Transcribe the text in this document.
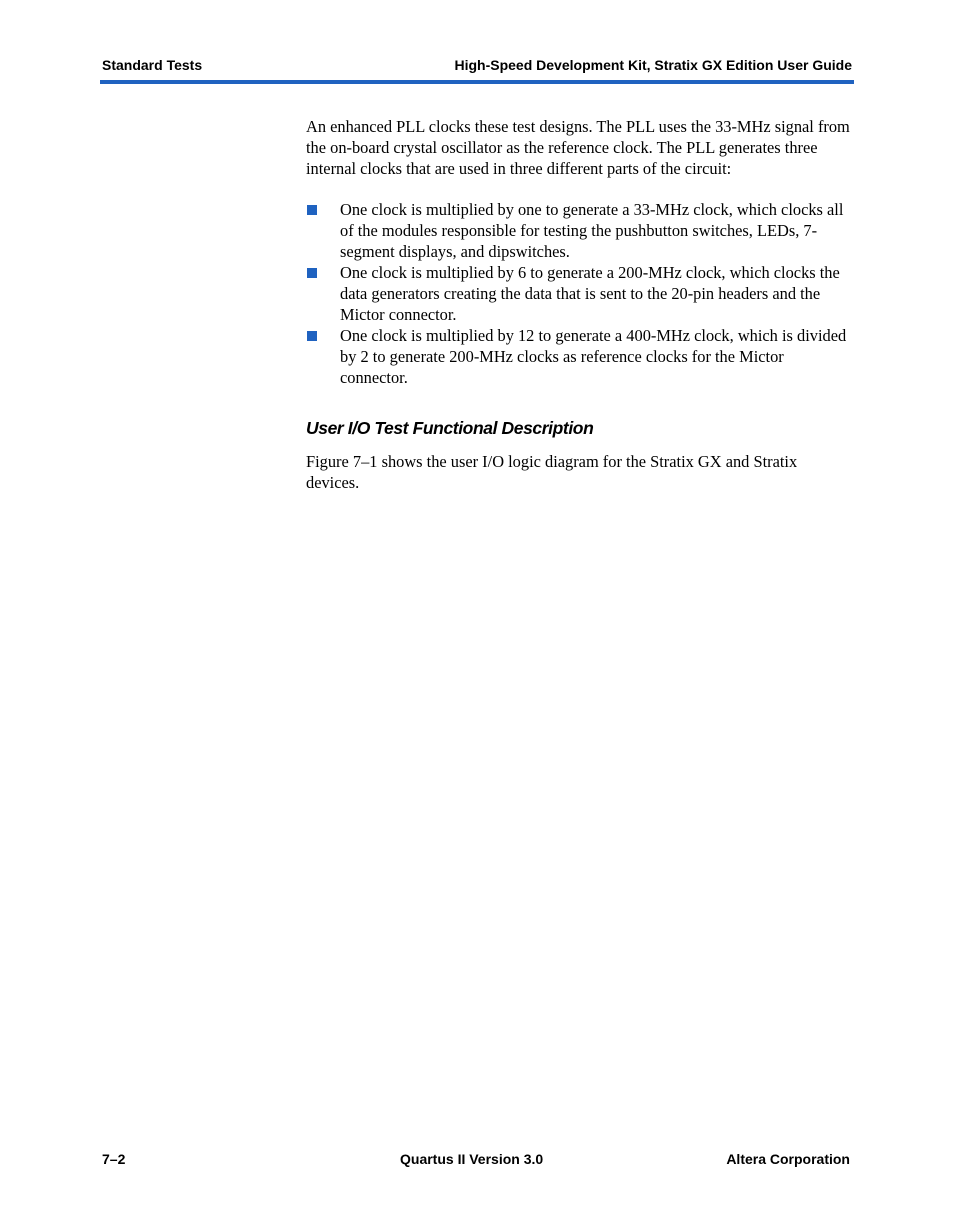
Standard Tests	High-Speed Development Kit, Stratix GX Edition User Guide

An enhanced PLL clocks these test designs. The PLL uses the 33-MHz signal from the on-board crystal oscillator as the reference clock. The PLL generates three internal clocks that are used in three different parts of the circuit:

One clock is multiplied by one to generate a 33-MHz clock, which clocks all of the modules responsible for testing the pushbutton switches, LEDs, 7-segment displays, and dipswitches.
One clock is multiplied by 6 to generate a 200-MHz clock, which clocks the data generators creating the data that is sent to the 20-pin headers and the Mictor connector.
One clock is multiplied by 12 to generate a 400-MHz clock, which is divided by 2 to generate 200-MHz clocks as reference clocks for the Mictor connector.
User I/O Test Functional Description

Figure 7–1 shows the user I/O logic diagram for the Stratix GX and Stratix devices.

7–2	Quartus II Version 3.0	Altera Corporation
